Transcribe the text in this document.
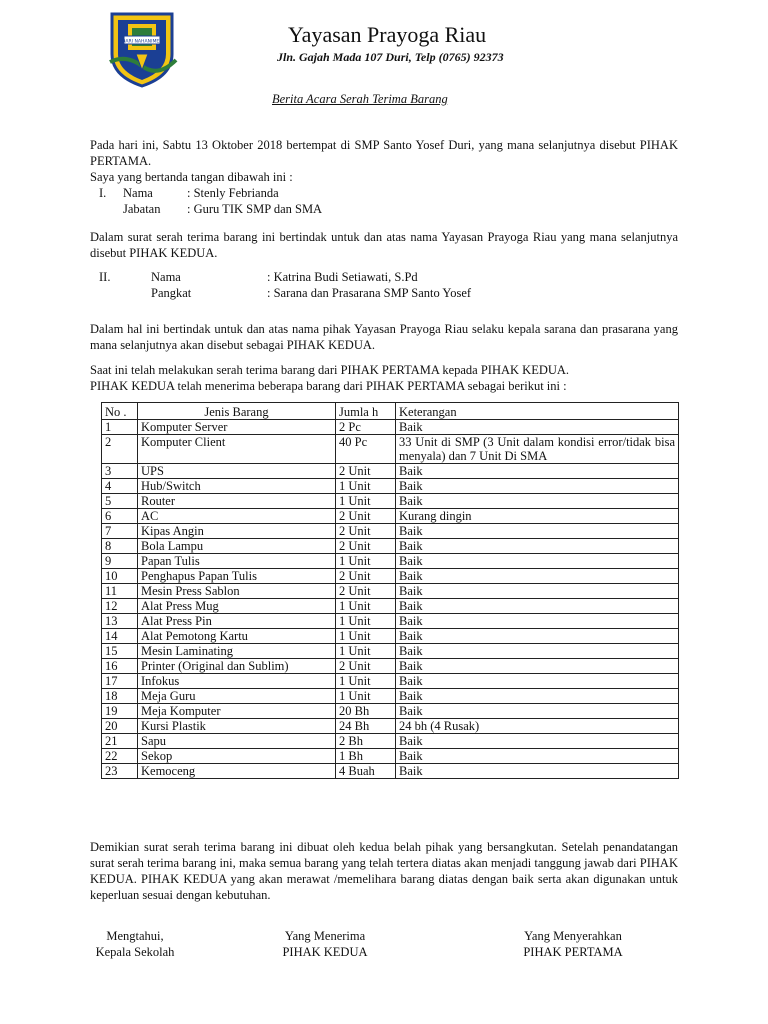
DARI NAHANIMET	Yayasan Prayoga Riau
Jln. Gajah Mada 107 Duri, Telp (0765) 92373
Berita Acara Serah Terima Barang
Pada hari ini, Sabtu 13 Oktober 2018 bertempat di SMP Santo Yosef Duri, yang mana selanjutnya disebut PIHAK PERTAMA.
Saya yang bertanda tangan dibawah ini :
I. Nama	: Stenly Febrianda
Jabatan : Guru TIK SMP dan SMA
Dalam surat serah terima barang ini bertindak untuk dan atas nama Yayasan Prayoga Riau yang mana selanjutnya disebut PIHAK KEDUA.
II.	Nama	: Katrina Budi Setiawati, S.Pd
Pangkat	: Sarana dan Prasarana SMP Santo Yosef
Dalam hal ini bertindak untuk dan atas nama pihak Yayasan Prayoga Riau selaku kepala sarana dan prasarana yang mana selanjutnya akan disebut sebagai PIHAK KEDUA.
Saat ini telah melakukan serah terima barang dari PIHAK PERTAMA kepada PIHAK KEDUA.
PIHAK KEDUA telah menerima beberapa barang dari PIHAK PERTAMA sebagai berikut ini :
No .	Jenis Barang	Jumla h	Keterangan
1	Komputer Server	2 Pc	Baik
2	Komputer Client	40 Pc	33 Unit di SMP (3 Unit dalam kondisi error/tidak bisa menyala) dan 7 Unit Di SMA
3	UPS	2 Unit	Baik
4	Hub/Switch	1 Unit	Baik
5	Router	1 Unit	Baik
6	AC	2 Unit	Kurang dingin
7	Kipas Angin	2 Unit	Baik
8	Bola Lampu	2 Unit	Baik
9	Papan Tulis	1 Unit	Baik
10	Penghapus Papan Tulis	2 Unit	Baik
11	Mesin Press Sablon	2 Unit	Baik
12	Alat Press Mug	1 Unit	Baik
13	Alat Press Pin	1 Unit	Baik
14	Alat Pemotong Kartu	1 Unit	Baik
15	Mesin Laminating	1 Unit	Baik
16	Printer (Original dan Sublim)	2 Unit	Baik
17	Infokus	1 Unit	Baik
18	Meja Guru	1 Unit	Baik
19	Meja Komputer	20 Bh	Baik
20	Kursi Plastik	24 Bh	24 bh (4 Rusak)
21	Sapu	2 Bh	Baik
22	Sekop	1 Bh	Baik
23	Kemoceng	4 Buah	Baik
Demikian surat serah terima barang ini dibuat oleh kedua belah pihak yang bersangkutan. Setelah penandatangan surat serah terima barang ini, maka semua barang yang telah tertera diatas akan menjadi tanggung jawab dari PIHAK KEDUA. PIHAK KEDUA yang akan merawat /memelihara barang diatas dengan baik serta akan digunakan untuk keperluan sesuai dengan kebutuhan.
Mengtahui,
Kepala Sekolah
Yang Menerima
PIHAK KEDUA
Yang Menyerahkan
PIHAK PERTAMA
